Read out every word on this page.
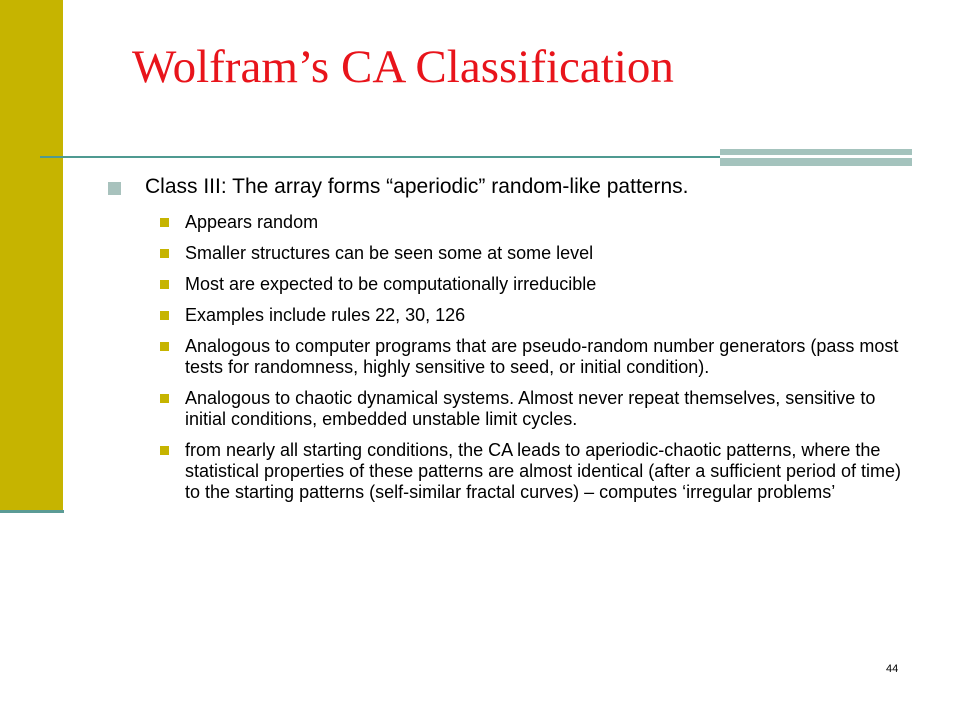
Wolfram’s CA Classification
Class III: The array forms “aperiodic” random-like patterns.
Appears random
Smaller structures can be seen some at some level
Most are expected to be computationally irreducible
Examples include rules 22, 30, 126
Analogous to computer programs that are pseudo-random number generators (pass most tests for randomness, highly sensitive to seed, or initial condition).
Analogous to chaotic dynamical systems. Almost never repeat themselves, sensitive to initial conditions, embedded unstable limit cycles.
from nearly all starting conditions, the CA leads to aperiodic-chaotic patterns, where the statistical properties of these patterns are almost identical (after a sufficient period of time) to the starting patterns (self-similar fractal curves) – computes ‘irregular problems’
44
